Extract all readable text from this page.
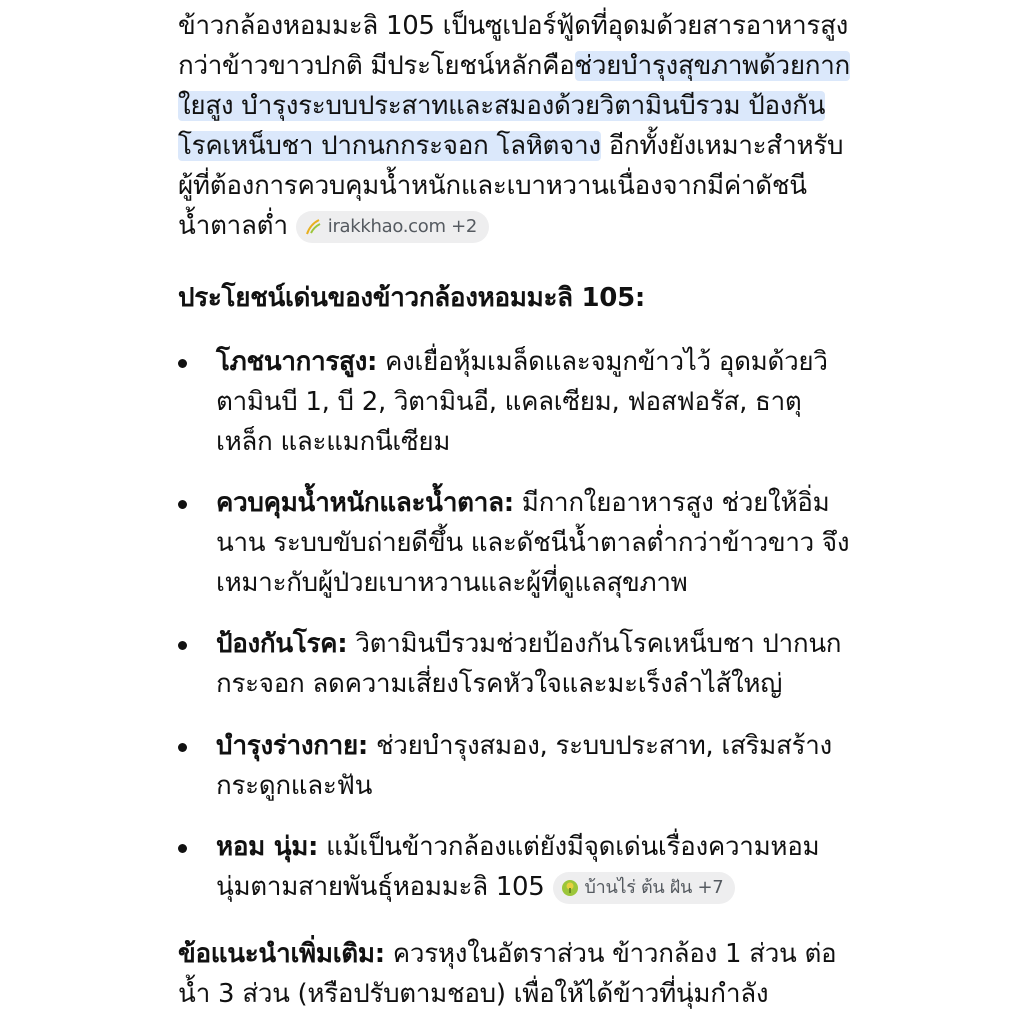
ข้าวกล้องหอมมะลิ 105 เป็นซูเปอร์ฟู้ดที่อุดมด้วยสารอาหารสูงกว่าข้าวขาวปกติ มีประโยชน์หลักคือช่วยบำรุงสุขภาพด้วยกากใยสูง บำรุงระบบประสาทและสมองด้วยวิตามินบีรวม ป้องกันโรคเหน็บชา ปากนกกระจอก โลหิตจาง อีกทั้งยังเหมาะสำหรับผู้ที่ต้องการควบคุมน้ำหนักและเบาหวานเนื่องจากมีค่าดัชนีน้ำตาลต่ำ irakkhao.com +2

ประโยชน์เด่นของข้าวกล้องหอมมะลิ 105:
โภชนาการสูง: คงเยื่อหุ้มเมล็ดและจมูกข้าวไว้ อุดมด้วยวิตามินบี 1, บี 2, วิตามินอี, แคลเซียม, ฟอสฟอรัส, ธาตุเหล็ก และแมกนีเซียม
ควบคุมน้ำหนักและน้ำตาล: มีกากใยอาหารสูง ช่วยให้อิ่มนาน ระบบขับถ่ายดีขึ้น และดัชนีน้ำตาลต่ำกว่าข้าวขาว จึงเหมาะกับผู้ป่วยเบาหวานและผู้ที่ดูแลสุขภาพ
ป้องกันโรค: วิตามินบีรวมช่วยป้องกันโรคเหน็บชา ปากนกกระจอก ลดความเสี่ยงโรคหัวใจและมะเร็งลำไส้ใหญ่
บำรุงร่างกาย: ช่วยบำรุงสมอง, ระบบประสาท, เสริมสร้างกระดูกและฟัน
หอม นุ่ม: แม้เป็นข้าวกล้องแต่ยังมีจุดเด่นเรื่องความหอมนุ่มตามสายพันธุ์หอมมะลิ 105 บ้านไร่ ต้น ฝัน +7

ข้อแนะนำเพิ่มเติม: ควรหุงในอัตราส่วน ข้าวกล้อง 1 ส่วน ต่อน้ำ 3 ส่วน (หรือปรับตามชอบ) เพื่อให้ได้ข้าวที่นุ่มกำลัง
